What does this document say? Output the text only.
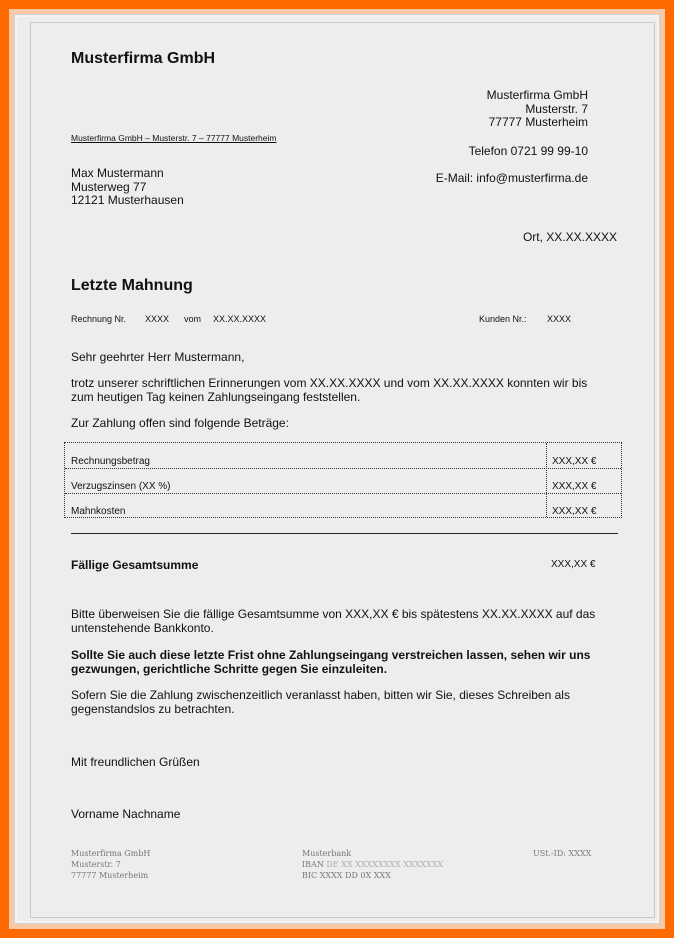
Musterfirma GmbH
Musterfirma GmbH
Musterstr. 7
77777 Musterheim
Musterfirma GmbH – Musterstr. 7 – 77777 Musterheim
Telefon 0721 99 99-10
E-Mail: info@musterfirma.de
Max Mustermann
Musterweg 77
12121 Musterhausen
Ort, XX.XX.XXXX
Letzte Mahnung
Rechnung Nr. XXXX vom XX.XX.XXXX	Kunden Nr.: XXXX
Sehr geehrter Herr Mustermann,
trotz unserer schriftlichen Erinnerungen vom XX.XX.XXXX und vom XX.XX.XXXX konnten wir bis zum heutigen Tag keinen Zahlungseingang feststellen.
Zur Zahlung offen sind folgende Beträge:
Rechnungsbetrag	XXX,XX €
Verzugszinsen (XX %)	XXX,XX €
Mahnkosten	XXX,XX €
Fällige Gesamtsumme	XXX,XX €
Bitte überweisen Sie die fällige Gesamtsumme von XXX,XX € bis spätestens XX.XX.XXXX auf das untenstehende Bankkonto.
Sollte Sie auch diese letzte Frist ohne Zahlungseingang verstreichen lassen, sehen wir uns gezwungen, gerichtliche Schritte gegen Sie einzuleiten.
Sofern Sie die Zahlung zwischenzeitlich veranlasst haben, bitten wir Sie, dieses Schreiben als gegenstandslos zu betrachten.
Mit freundlichen Grüßen
Vorname Nachname
Musterfirma GmbH
Musterstr. 7
77777 Musterheim
Musterbank
IBAN DE XX XXXXXXXX XXXXXXX
BIC XXXX DD 0X XXX
USt.-ID: XXXX
